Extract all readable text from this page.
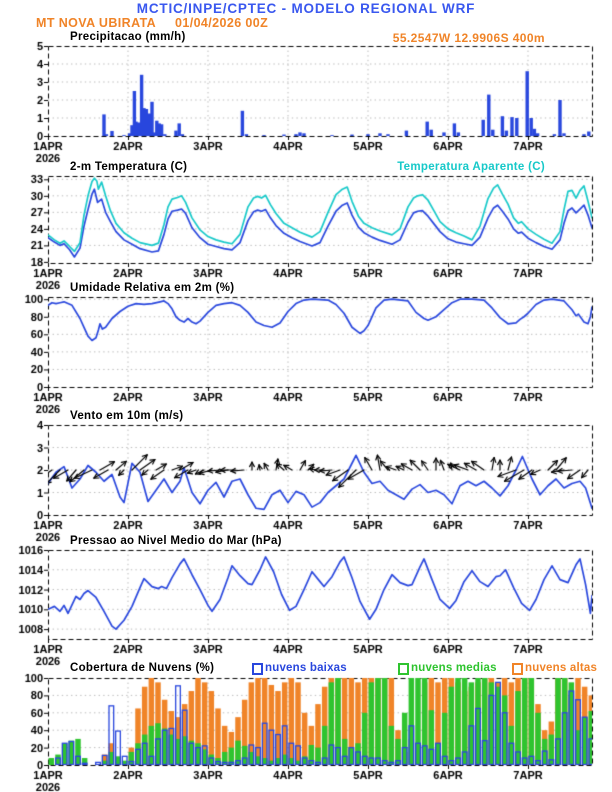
MCTIC/INPE/CPTEC - MODELO REGIONAL WRF
MT NOVA UBIRATA 01/04/2026 00Z
55.2547W 12.9906S 400m
Precipitacao (mm/h)
2-m Temperatura (C)	Temperatura Aparente (C)
Umidade Relativa em 2m (%)
Vento em 10m (m/s)
Pressao ao Nivel Medio do Mar (hPa)
Cobertura de Nuvens (%)	nuvens baixas	nuvens medias nuvens altas
